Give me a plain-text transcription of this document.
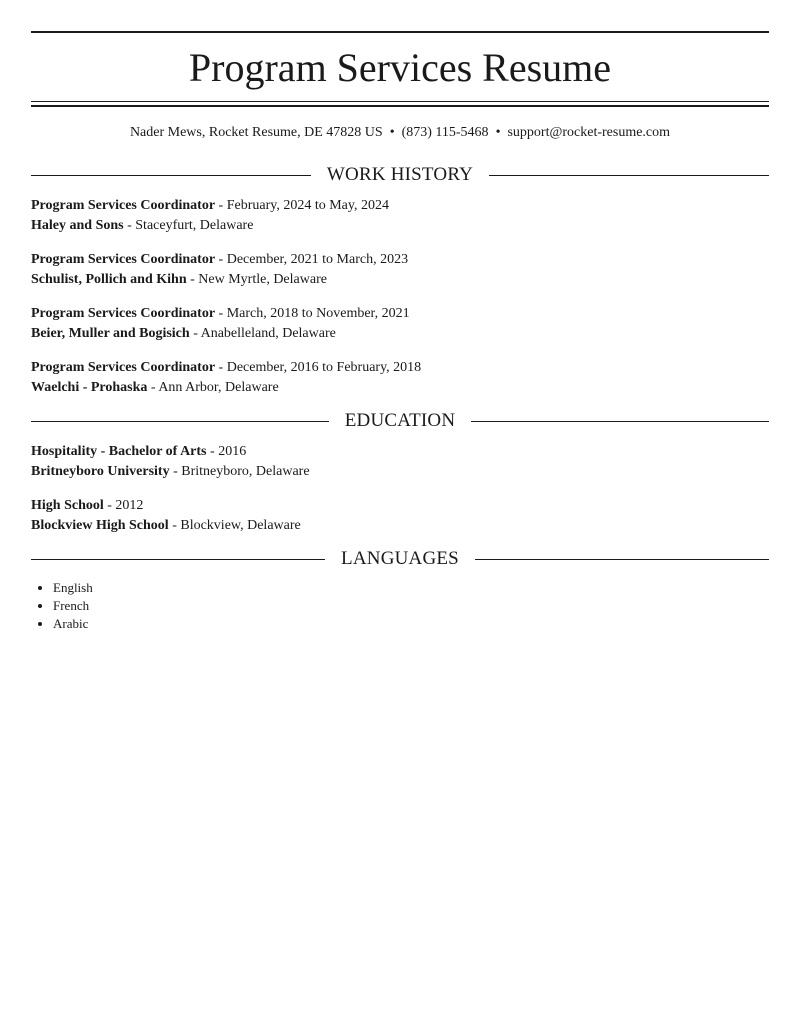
Program Services Resume
Nader Mews, Rocket Resume, DE 47828 US • (873) 115-5468 • support@rocket-resume.com
WORK HISTORY
Program Services Coordinator - February, 2024 to May, 2024
Haley and Sons - Staceyfurt, Delaware
Program Services Coordinator - December, 2021 to March, 2023
Schulist, Pollich and Kihn - New Myrtle, Delaware
Program Services Coordinator - March, 2018 to November, 2021
Beier, Muller and Bogisich - Anabelleland, Delaware
Program Services Coordinator - December, 2016 to February, 2018
Waelchi - Prohaska - Ann Arbor, Delaware
EDUCATION
Hospitality - Bachelor of Arts - 2016
Britneyboro University - Britneyboro, Delaware
High School - 2012
Blockview High School - Blockview, Delaware
LANGUAGES
• English
• French
• Arabic
